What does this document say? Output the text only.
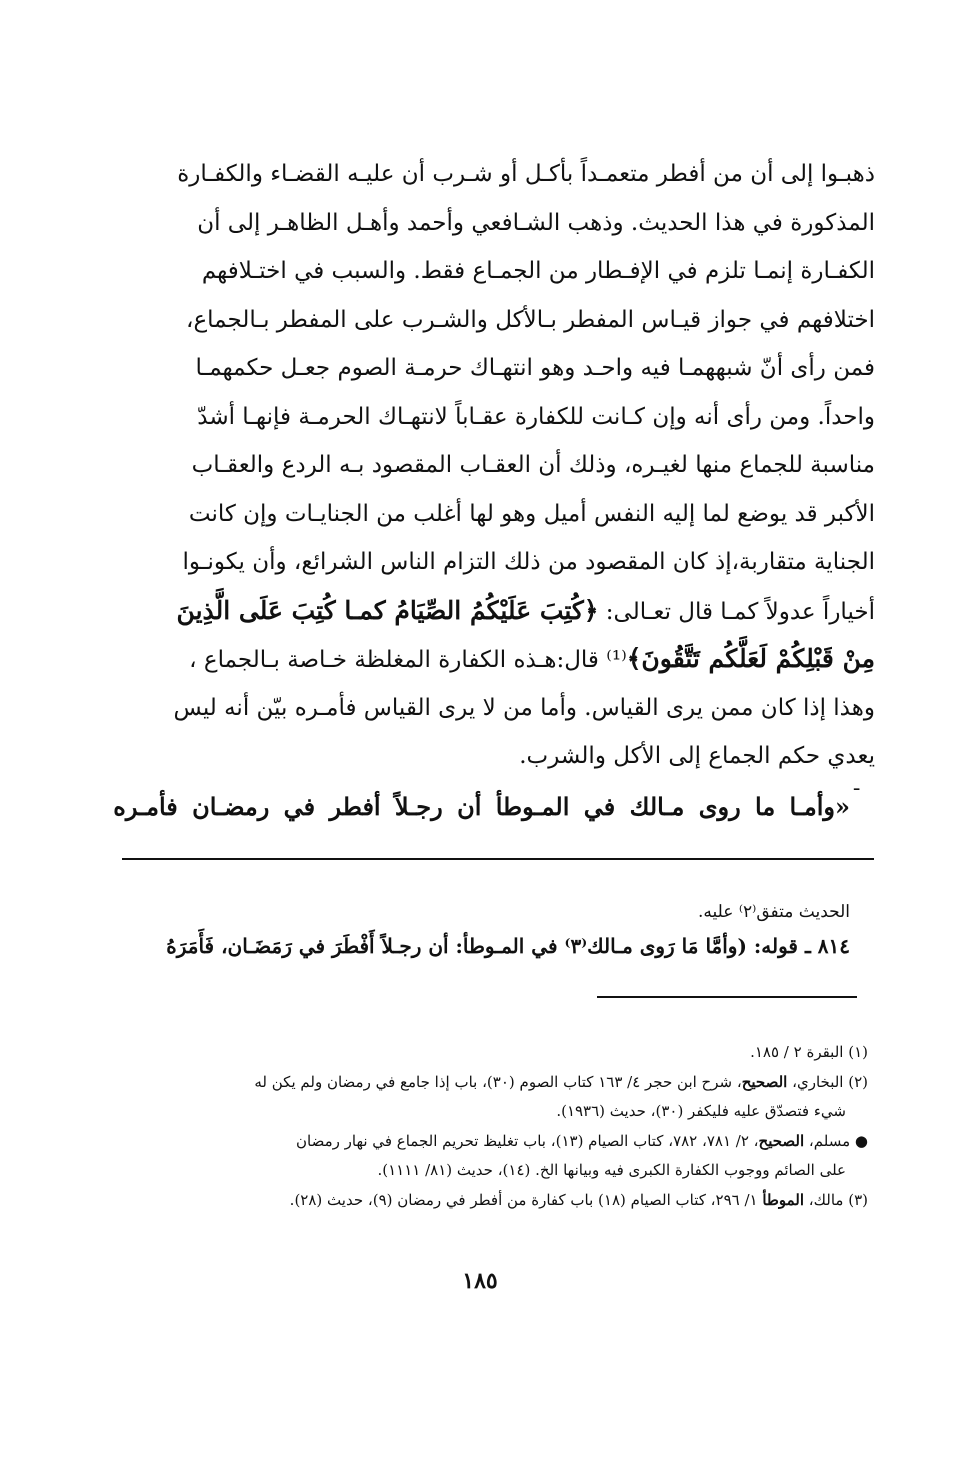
ذهبـوا إلى أن من أفطر متعمـداً بأكـل أو شـرب أن عليـه القضـاء والكفـارة
المذكورة في هذا الحديث. وذهب الشـافعي وأحمد وأهـل الظاهـر إلى أن
الكفـارة إنمـا تلزم في الإفـطار من الجمـاع فقط. والسبب في اختـلافهم
اختلافهم في جواز قيـاس المفطر بـالأكل والشـرب على المفطر بـالجماع،
فمن رأى أنّ شبههمـا فيه واحـد وهو انتهـاك حرمـة الصوم جعـل حكمهمـا
واحداً. ومن رأى أنه وإن كـانت للكفارة عقـاباً لانتهـاك الحرمـة فإنهـا أشدّ
مناسبة للجماع منها لغيـره، وذلك أن العقـاب المقصود بـه الردع والعقـاب
الأكبر قد يوضع لما إليه النفس أميل وهو لها أغلب من الجنايـات وإن كانت
الجناية متقاربة،إذ كان المقصود من ذلك التزام الناس الشرائع، وأن يكونـوا
أخياراً عدولاً كمـا قال تعـالى: ﴿كُتِبَ عَلَيْكُمُ الصِّيَامُ كمـا كُتِبَ عَلَى الَّذِينَ
مِنْ قَبْلِكُمْ لَعَلَّكُم تَتَّقُونَ﴾⁽¹⁾ قال:هـذه الكفارة المغلظة خـاصة بـالجماع ،
وهذا إذا كان ممن يرى القياس. وأما من لا يرى القياس فأمـره بيّن أنه ليس
يعدي حكم الجماع إلى الأكل والشرب.
ـ
«وأمـا ما روى مـالك في المـوطأ أن رجـلاً أفطر في رمضـان فأمـره
الحديث متفق⁽٢⁾ عليه.
٨١٤ ـ قوله: (وأمَّا مَا رَوى مـالك⁽٣⁾ في المـوطأ: أن رجـلاً أَفْطَرَ في رَمَضَـان، فَأَمَرَهُ
(١) البقرة ٢ / ١٨٥.
(٢) البخاري، الصحيح، شرح ابن حجر ٤/ ١٦٣ كتاب الصوم (٣٠)، باب إذا جامع في رمضان ولم يكن له
شيء فتصدّق عليه فليكفر (٣٠)، حديث (١٩٣٦).
● مسلم، الصحيح، ٢/ ٧٨١، ٧٨٢، كتاب الصيام (١٣)، باب تغليظ تحريم الجماع في نهار رمضان
على الصائم ووجوب الكفارة الكبرى فيه وبيانها الخ. (١٤)، حديث (٨١/ ١١١١).
(٣) مالك، الموطأ ١/ ٢٩٦، كتاب الصيام (١٨) باب كفارة من أفطر في رمضان (٩)، حديث (٢٨).
١٨٥
